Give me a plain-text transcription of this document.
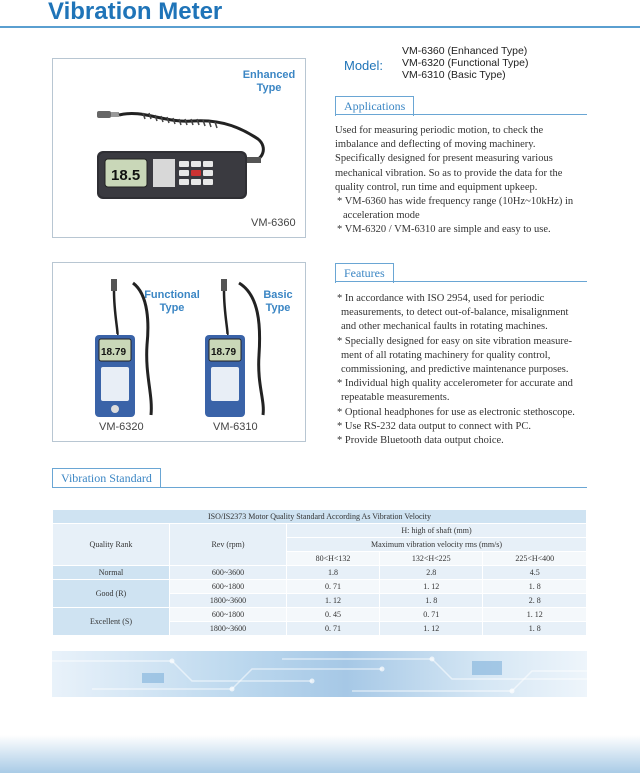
Vibration Meter
Enhanced
Type
18.5
VM-6360
Functional
Type
Basic
Type
18.79	18.79
VM-6320	VM-6310
Model:
VM-6360 (Enhanced Type)
VM-6320 (Functional Type)
VM-6310 (Basic Type)
Applications

Used for measuring periodic motion, to check the

imbalance and deflecting of moving machinery.

Specifically designed for present measuring various

mechanical vibration. So as to provide the data for the

quality control, run time and equipment upkeep.

* VM-6360 has wide frequency range (10Hz~10kHz) in

acceleration mode

* VM-6320 / VM-6310 are simple and easy to use.

Features

* In accordance with ISO 2954, used for periodic

measurements, to detect out-of-balance, misalignment

and other mechanical faults in rotating machines.

* Specially designed for easy on site vibration measure-

ment of all rotating machinery for quality control,

commissioning, and predictive maintenance purposes.

* Individual high quality accelerometer for accurate and

repeatable measurements.

* Optional headphones for use as electronic stethoscope.

* Use RS-232 data output to connect with PC.

* Provide Bluetooth data output choice.

Vibration Standard
ISO/IS2373 Motor Quality Standard According As Vibration Velocity				
Quality Rank	Rev (rpm)	H: high of shaft (mm)		
		Maximum vibration velocity rms (mm/s)		
		80<H<132	132<H<225	225<H<400
Normal	600~3600	1.8	2.8	4.5
Good (R)	600~1800	0. 71	1. 12	1. 8
	1800~3600	1. 12	1. 8	2. 8
Excellent (S)	600~1800	0. 45	0. 71	1. 12
	1800~3600	0. 71	1. 12	1. 8
